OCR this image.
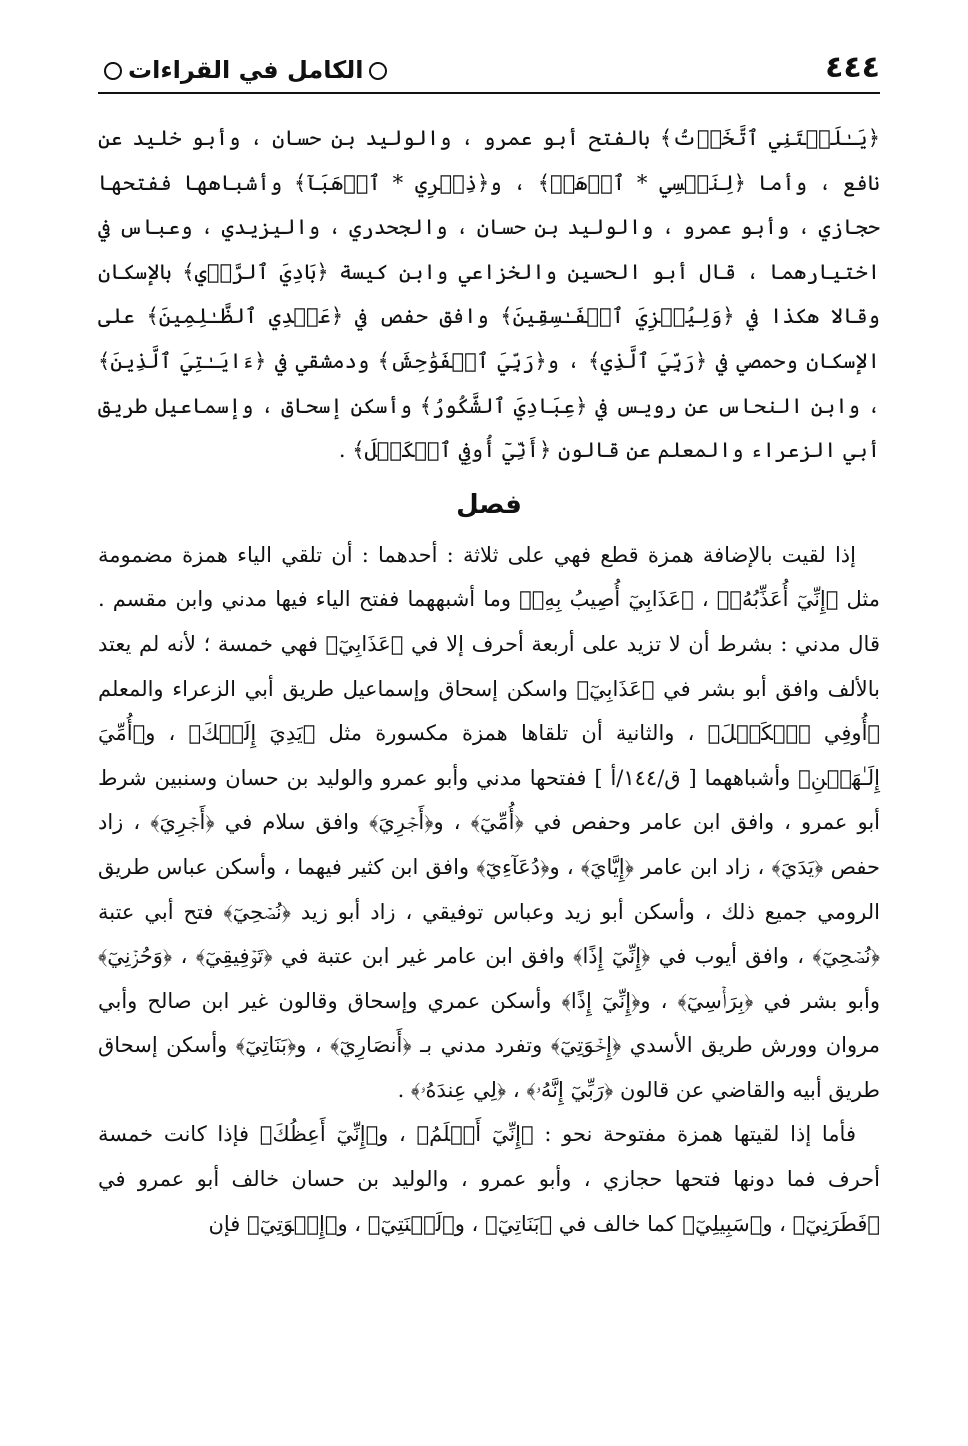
٤٤٤
الكامل في القراءات

﴿يَـٰلَيۡتَنِي ٱتَّخَذۡتُ﴾ بالفتح أبو عمرو ، والوليد بن حسان ، وأبو خليد عن نافع ، وأما ﴿لِنَفۡسِي * ٱذۡهَبۡ﴾ ، و﴿ذِكۡرِي * ٱذۡهَبَآ﴾ وأشباهها ففتحها حجازي ، وأبو عمرو ، والوليد بن حسان ، والجحدري ، واليزيدي ، وعباس في اختيارهما ، قال أبو الحسين والخزاعي وابن كيسة ﴿بَادِيَ ٱلرَّأۡيِ﴾ بالإسكان وقالا هكذا في ﴿وَلِيُخۡزِيَ ٱلۡفَـٰسِقِينَ﴾ وافق حفص في ﴿عَهۡدِي ٱلظَّـٰلِمِينَ﴾ على الإسكان وحمصي في ﴿رَبِّيَ ٱلَّذِي﴾ ، و﴿رَبِّيَ ٱلۡفَوَٰحِشَ﴾ ودمشقي في ﴿ءَايَـٰتِيَ ٱلَّذِينَ﴾ ، وابن النحاس عن رويس في ﴿عِبَادِيَ ٱلشَّكُورُ﴾ وأسكن إسحاق ، وإسماعيل طريق أبي الزعراء والمعلم عن قالون ﴿أَنِّيٓ أُوفِي ٱلۡكَيۡلَ﴾ .

فصل

إذا لقيت بالإضافة همزة قطع فهي على ثلاثة : أحدهما : أن تلقي الياء همزة مضمومة مثل ﴿إِنِّيٓ أُعَذِّبُهُۥ﴾ ، ﴿عَذَابِيٓ أُصِيبُ بِهِۦ﴾ وما أشبههما ففتح الياء فيها مدني وابن مقسم . قال مدني : بشرط أن لا تزيد على أربعة أحرف إلا في ﴿عَذَابِيٓ﴾ فهي خمسة ؛ لأنه لم يعتد بالألف وافق أبو بشر في ﴿عَذَابِيٓ﴾ واسكن إسحاق وإسماعيل طريق أبي الزعراء والمعلم ﴿أُوفِي ٱلۡكَيۡلَ﴾ ، والثانية أن تلقاها همزة مكسورة مثل ﴿يَدِيَ إِلَيۡكَ﴾ ، و﴿أُمِّيَ إِلَـٰهَيۡنِ﴾ وأشباههما [ ق/١٤٤/أ ] ففتحها مدني وأبو عمرو والوليد بن حسان وسنبين شرط أبو عمرو ، وافق ابن عامر وحفص في ﴿أُمِّيٓ﴾ ، و﴿أَجۡرِيَ﴾ وافق سلام في ﴿أَجۡرِيَ﴾ ، زاد حفص ﴿يَدَيَ﴾ ، زاد ابن عامر ﴿إِيَّايَ﴾ ، و﴿دُعَآءِيٓ﴾ وافق ابن كثير فيهما ، وأسكن عباس طريق الرومي جميع ذلك ، وأسكن أبو زيد وعباس توفيقي ، زاد أبو زيد ﴿نُصۡحِيٓ﴾ فتح أبي عتبة ﴿نُصۡحِيٓ﴾ ، وافق أيوب في ﴿إِنِّيٓ إِذًا﴾ وافق ابن عامر غير ابن عتبة في ﴿تَوۡفِيقِيٓ﴾ ، ﴿وَحُزۡنِيٓ﴾ وأبو بشر في ﴿بِرَأۡسِيٓ﴾ ، و﴿إِنِّيٓ إِذًا﴾ وأسكن عمري وإسحاق وقالون غير ابن صالح وأبي مروان وورش طريق الأسدي ﴿إِخۡوَتِيٓ﴾ وتفرد مدني بـ ﴿أَنصَارِيٓ﴾ ، و﴿بَنَاتِيٓ﴾ وأسكن إسحاق طريق أبيه والقاضي عن قالون ﴿رَبِّيٓ إِنَّهُۥ﴾ ، ﴿لِي عِندَهُۥ﴾ .

فأما إذا لقيتها همزة مفتوحة نحو : ﴿إِنِّيٓ أَعۡلَمُ﴾ ، و﴿إِنِّيٓ أَعِظُكَ﴾ فإذا كانت خمسة أحرف فما دونها فتحها حجازي ، وأبو عمرو ، والوليد بن حسان خالف أبو عمرو في ﴿فَطَرَنِيٓ﴾ ، و﴿سَبِيلِيٓ﴾ كما خالف في ﴿بَنَاتِيٓ﴾ ، و﴿لَعۡنَتِيٓ﴾ ، و﴿إِخۡوَتِيٓ﴾ فإن
